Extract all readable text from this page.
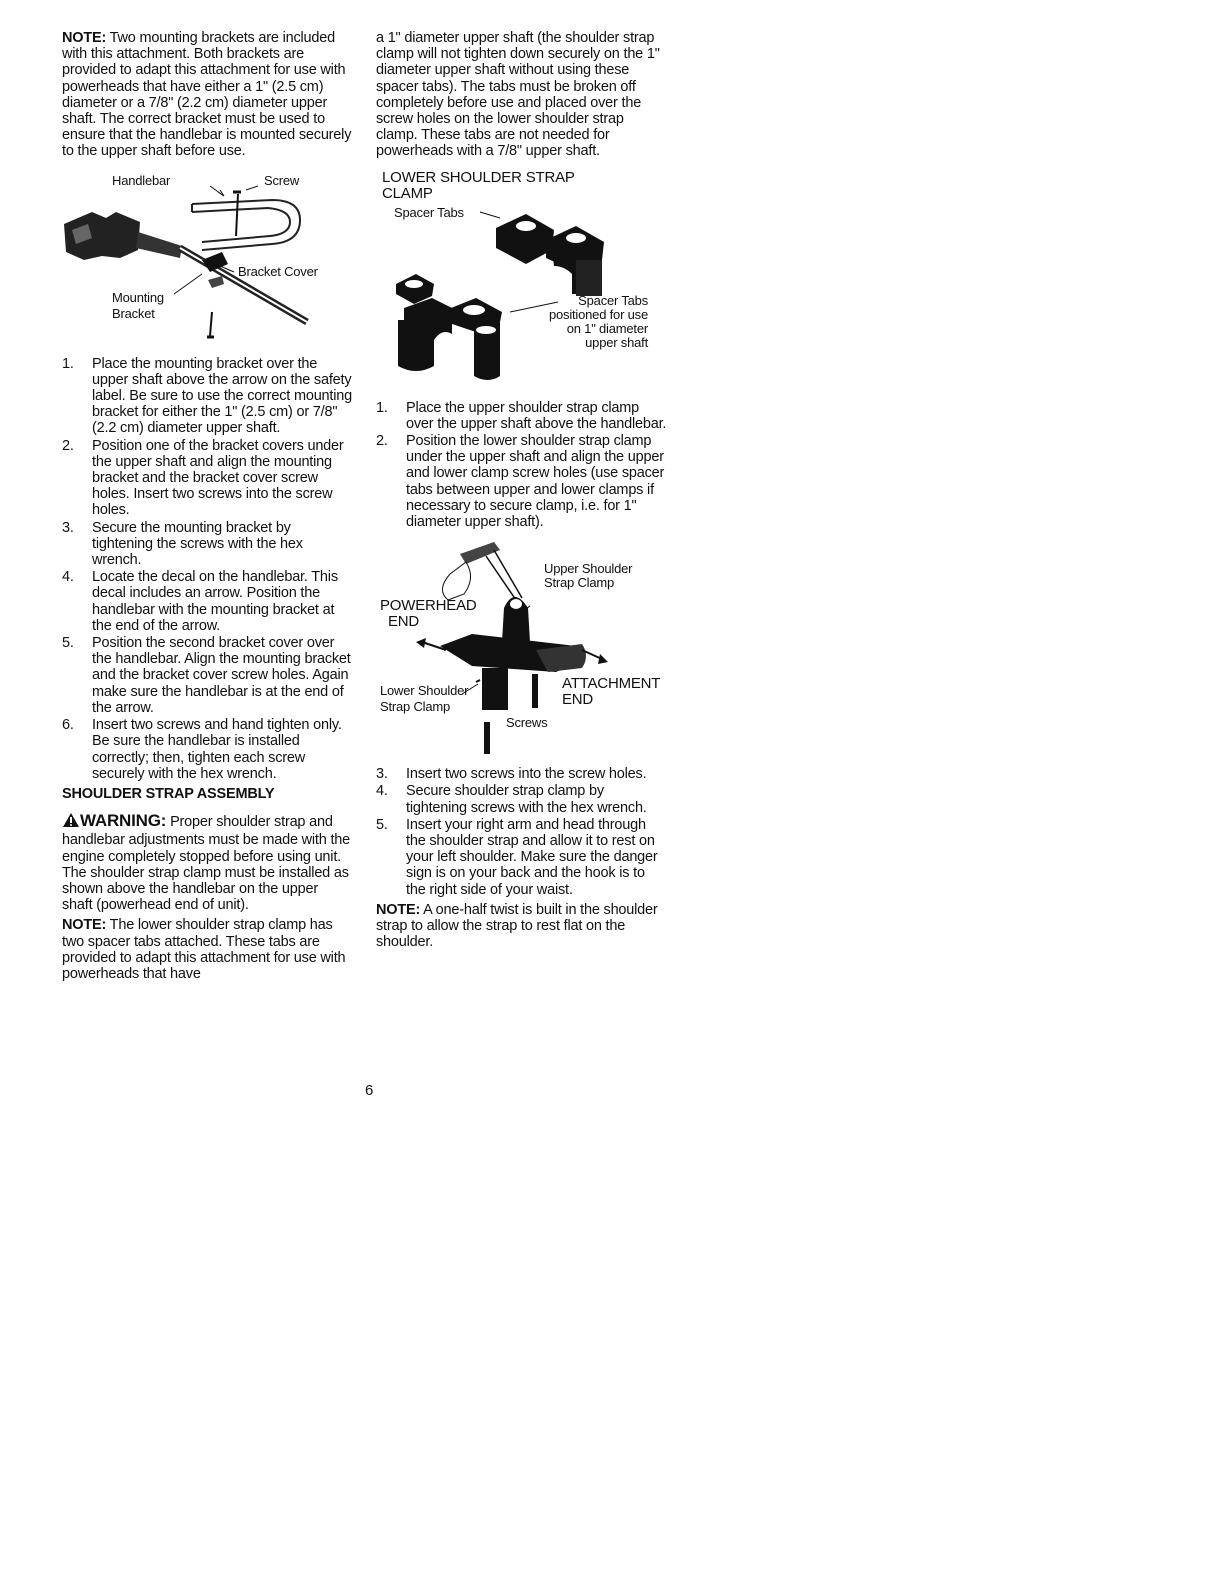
NOTE: Two mounting brackets are included with this attachment. Both brackets are provided to adapt this attachment for use with powerheads that have either a 1" (2.5 cm) diameter or a 7/8" (2.2 cm) diameter upper shaft. The correct bracket must be used to ensure that the handlebar is mounted securely to the upper shaft before use.

Handlebar	Screw
Bracket Cover
Mounting
Bracket
1. Place the mounting bracket over the upper shaft above the arrow on the safety label. Be sure to use the correct mounting bracket for either the 1" (2.5 cm) or 7/8" (2.2 cm) diameter upper shaft.
2. Position one of the bracket covers under the upper shaft and align the mounting bracket and the bracket cover screw holes. Insert two screws into the screw holes.
3. Secure the mounting bracket by tightening the screws with the hex wrench.
4. Locate the decal on the handlebar. This decal includes an arrow. Position the handlebar with the mounting bracket at the end of the arrow.
5. Position the second bracket cover over the handlebar. Align the mounting bracket and the bracket cover screw holes. Again make sure the handlebar is at the end of the arrow.
6. Insert two screws and hand tighten only. Be sure the handlebar is installed correctly; then, tighten each screw securely with the hex wrench.
SHOULDER STRAP ASSEMBLY

WARNING: Proper shoulder strap and handlebar adjustments must be made with the engine completely stopped before using unit. The shoulder strap clamp must be installed as shown above the handlebar on the upper shaft (powerhead end of unit).

NOTE: The lower shoulder strap clamp has two spacer tabs attached. These tabs are provided to adapt this attachment for use with powerheads that have

a 1" diameter upper shaft (the shoulder strap clamp will not tighten down securely on the 1" diameter upper shaft without using these spacer tabs). The tabs must be broken off completely before use and placed over the screw holes on the lower shoulder strap clamp. These tabs are not needed for powerheads with a 7/8" upper shaft.

LOWER SHOULDER STRAP
CLAMP
Spacer Tabs
Spacer Tabs
positioned for use
on 1" diameter
upper shaft
1. Place the upper shoulder strap clamp over the upper shaft above the handlebar.
2. Position the lower shoulder strap clamp under the upper shaft and align the upper and lower clamp screw holes (use spacer tabs between upper and lower clamps if necessary to secure clamp, i.e. for 1" diameter upper shaft).
Upper Shoulder
Strap Clamp
POWERHEAD
END
ATTACHMENT
END
Lower Shoulder
Strap Clamp
Screws
3. Insert two screws into the screw holes.
4. Secure shoulder strap clamp by tightening screws with the hex wrench.
5. Insert your right arm and head through the shoulder strap and allow it to rest on your left shoulder. Make sure the danger sign is on your back and the hook is to the right side of your waist.

NOTE: A one-half twist is built in the shoulder strap to allow the strap to rest flat on the shoulder.

6
